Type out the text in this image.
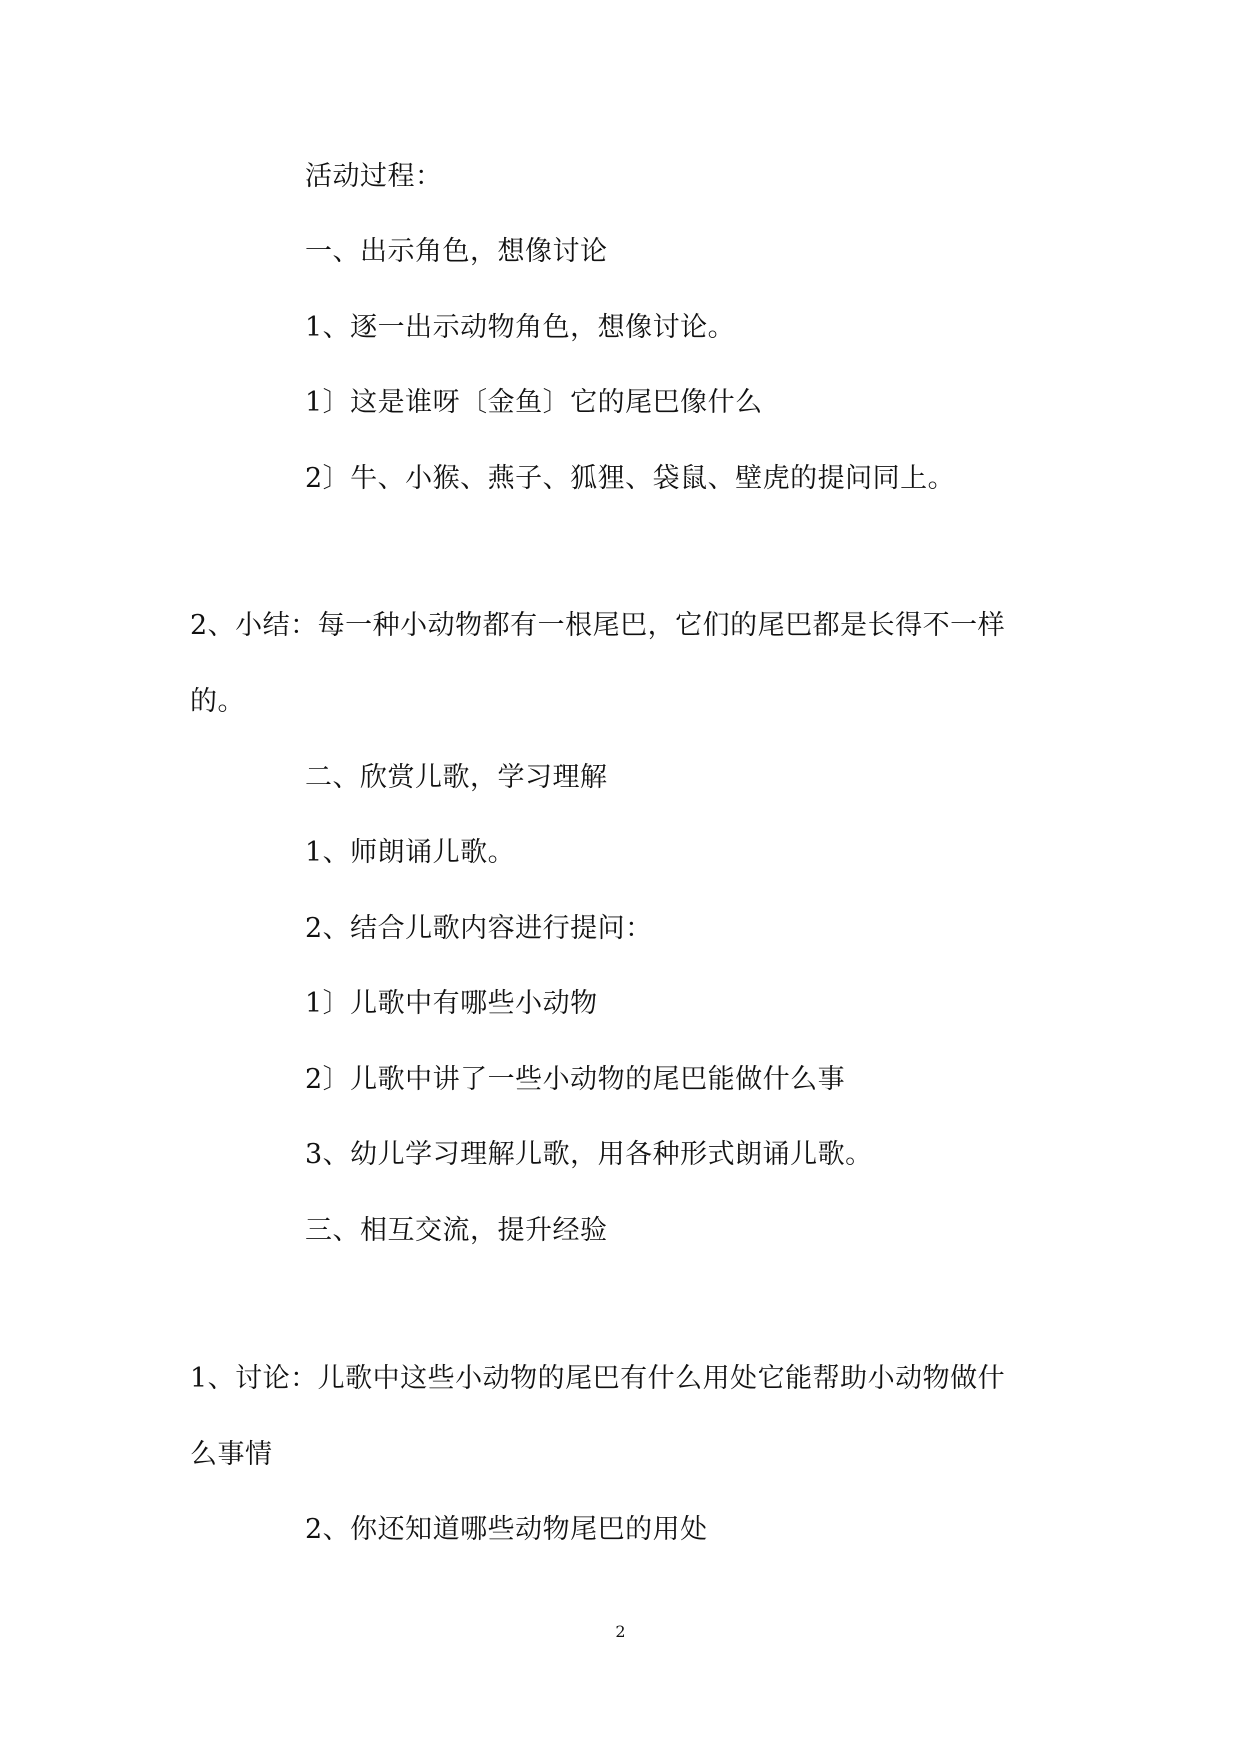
活动过程：
一、出示角色，想像讨论
1、逐一出示动物角色，想像讨论。
1〕这是谁呀〔金鱼〕它的尾巴像什么
2〕牛、小猴、燕子、狐狸、袋鼠、壁虎的提问同上。
2、小结：每一种小动物都有一根尾巴，它们的尾巴都是长得不一样
的。
二、欣赏儿歌，学习理解
1、师朗诵儿歌。
2、结合儿歌内容进行提问：
1〕儿歌中有哪些小动物
2〕儿歌中讲了一些小动物的尾巴能做什么事
3、幼儿学习理解儿歌，用各种形式朗诵儿歌。
三、相互交流，提升经验
1、讨论：儿歌中这些小动物的尾巴有什么用处它能帮助小动物做什
么事情
2、你还知道哪些动物尾巴的用处
2
